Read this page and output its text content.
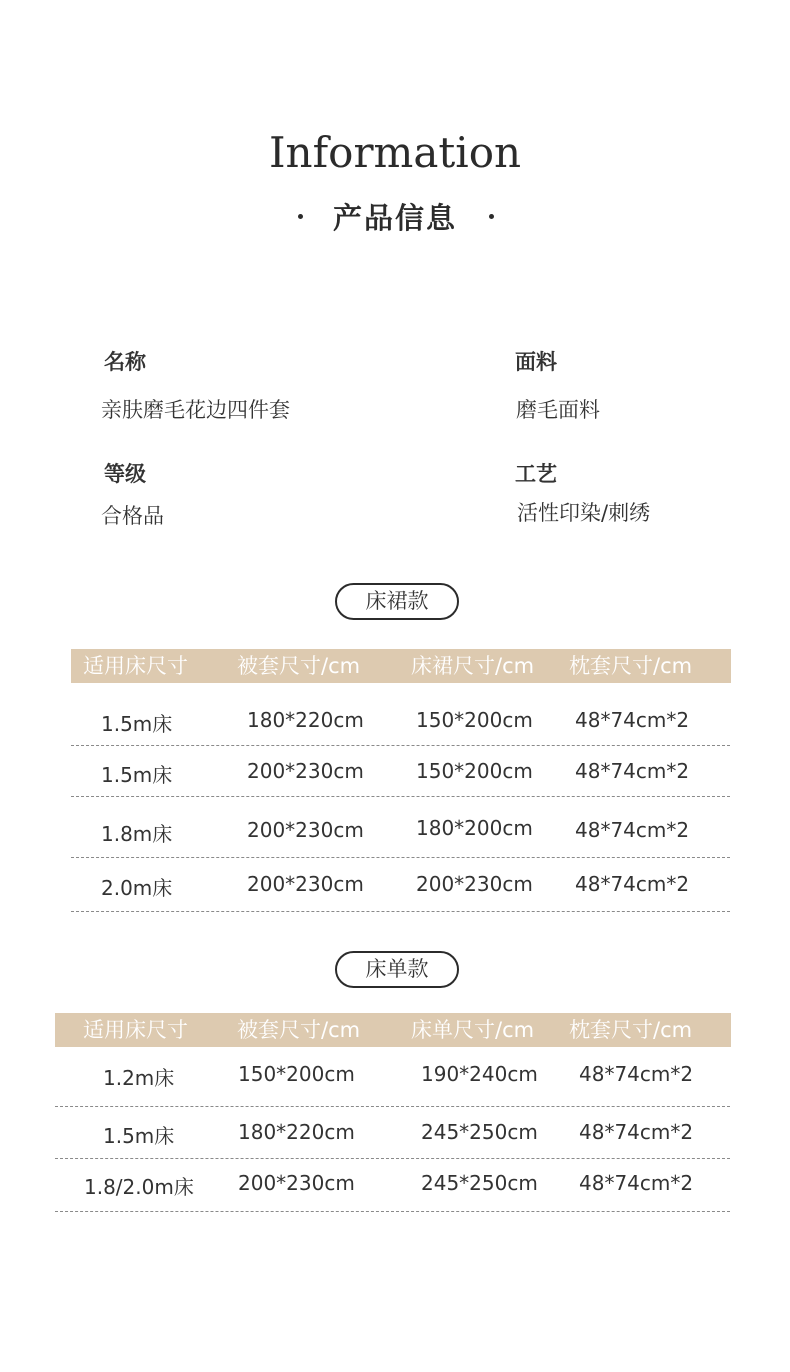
Information
产品信息
名称
亲肤磨毛花边四件套
面料
磨毛面料
等级
合格品
工艺
活性印染/刺绣
床裙款
适用床尺寸 被套尺寸/cm 床裙尺寸/cm 枕套尺寸/cm
1.5m床	180*220cm	150*200cm 48*74cm*2
1.5m床	200*230cm	150*200cm 48*74cm*2
1.8m床	200*230cm	180*200cm 48*74cm*2
2.0m床	200*230cm	200*230cm 48*74cm*2
床单款
适用床尺寸 被套尺寸/cm 床单尺寸/cm 枕套尺寸/cm
1.2m床	150*200cm	190*240cm 48*74cm*2
1.5m床	180*220cm	245*250cm 48*74cm*2
1.8/2.0m床 200*230cm	245*250cm 48*74cm*2
